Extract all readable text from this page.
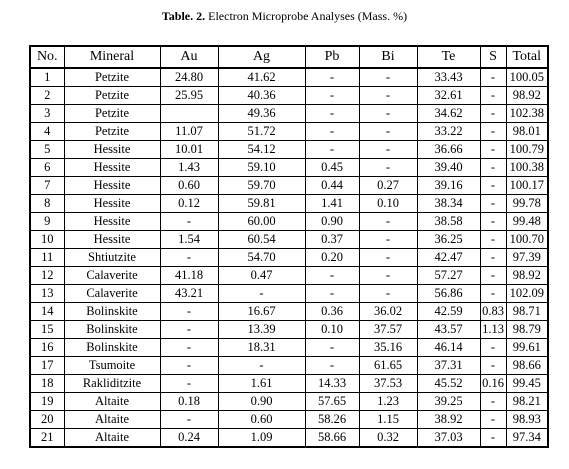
Table. 2. Electron Microprobe Analyses (Mass. %)
No.	Mineral	Au	Ag	Pb	Bi	Te	S	Total
1	Petzite	24.80	41.62	-	-	33.43	-	100.05
2	Petzite	25.95	40.36	-	-	32.61	-	98.92
3	Petzite		49.36	-	-	34.62	-	102.38
4	Petzite	11.07	51.72	-	-	33.22	-	98.01
5	Hessite	10.01	54.12	-	-	36.66	-	100.79
6	Hessite	1.43	59.10	0.45	-	39.40	-	100.38
7	Hessite	0.60	59.70	0.44	0.27	39.16	-	100.17
8	Hessite	0.12	59.81	1.41	0.10	38.34	-	99.78
9	Hessite	-	60.00	0.90	-	38.58	-	99.48
10	Hessite	1.54	60.54	0.37	-	36.25	-	100.70
11	Shtiutzite	-	54.70	0.20	-	42.47	-	97.39
12	Calaverite	41.18	0.47	-	-	57.27	-	98.92
13	Calaverite	43.21	-	-	-	56.86	-	102.09
14	Bolinskite	-	16.67	0.36	36.02	42.59	0.83	98.71
15	Bolinskite	-	13.39	0.10	37.57	43.57	1.13	98.79
16	Bolinskite	-	18.31	-	35.16	46.14	-	99.61
17	Tsumoite	-	-	-	61.65	37.31	-	98.66
18	Rakliditzite	-	1.61	14.33	37.53	45.52	0.16	99.45
19	Altaite	0.18	0.90	57.65	1.23	39.25	-	98.21
20	Altaite	-	0.60	58.26	1.15	38.92	-	98.93
21	Altaite	0.24	1.09	58.66	0.32	37.03	-	97.34
